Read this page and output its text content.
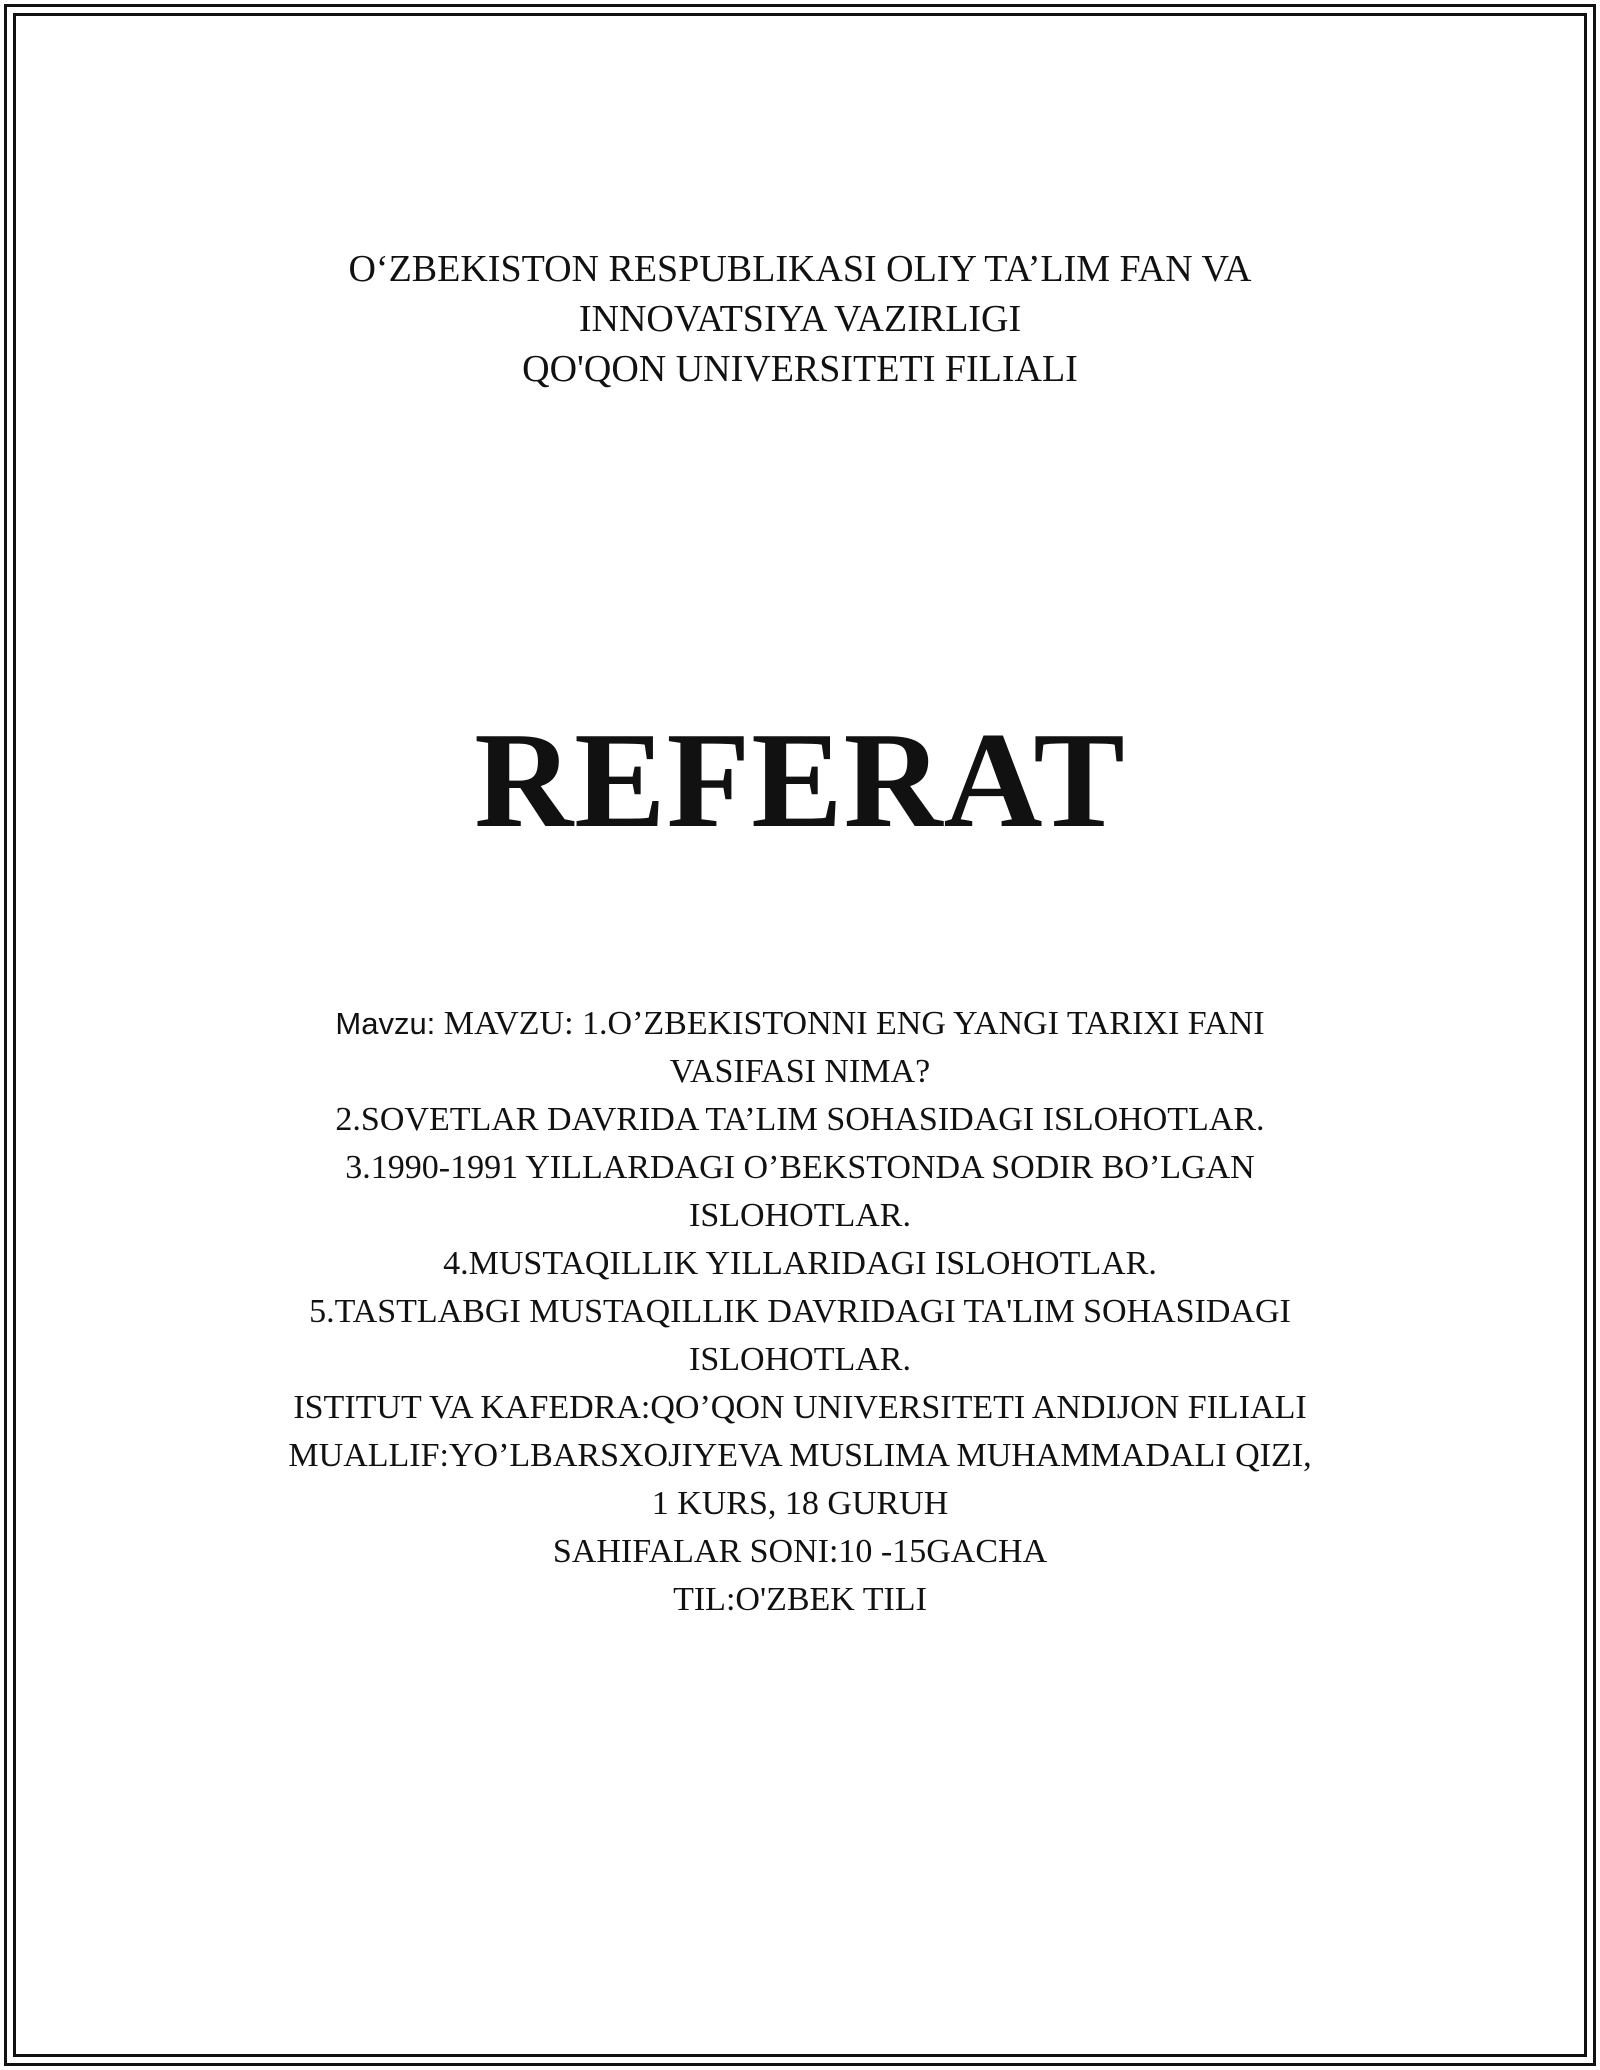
O‘ZBEKISTON RESPUBLIKASI OLIY TA’LIM FAN VA
INNOVATSIYA VAZIRLIGI
QO'QON UNIVERSITETI FILIALI
REFERAT
Mavzu: MAVZU: 1.O’ZBEKISTONNI ENG YANGI TARIXI FANI
VASIFASI NIMA?
2.SOVETLAR DAVRIDA TA’LIM SOHASIDAGI ISLOHOTLAR.
3.1990-1991 YILLARDAGI O’BEKSTONDA SODIR BO’LGAN
ISLOHOTLAR.
4.MUSTAQILLIK YILLARIDAGI ISLOHOTLAR.
5.TASTLABGI MUSTAQILLIK DAVRIDAGI TA'LIM SOHASIDAGI
ISLOHOTLAR.
ISTITUT VA KAFEDRA:QO’QON UNIVERSITETI ANDIJON FILIALI
MUALLIF:YO’LBARSXOJIYEVA MUSLIMA MUHAMMADALI QIZI,
1 KURS, 18 GURUH
SAHIFALAR SONI:10 -15GACHA
TIL:O'ZBEK TILI
